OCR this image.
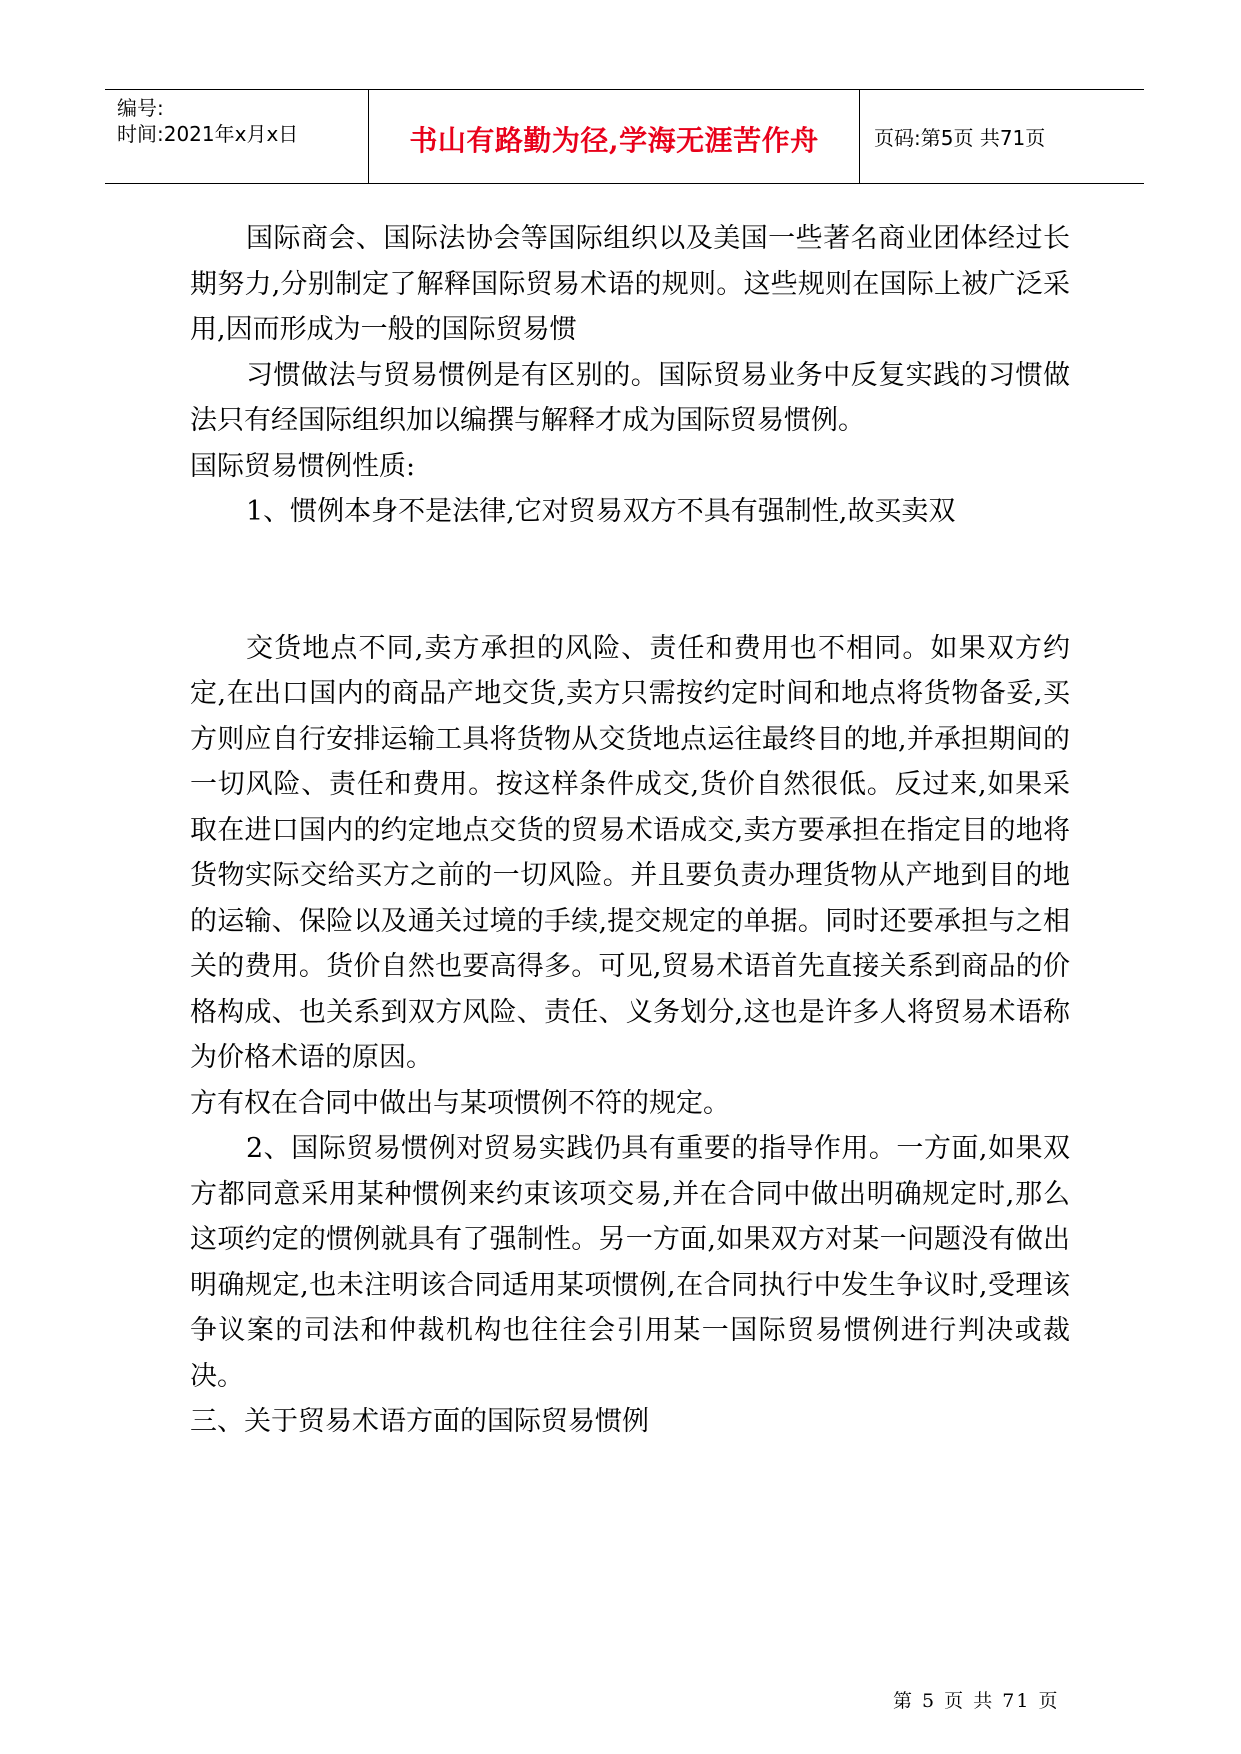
编号:
时间:2021年x月x日	书山有路勤为径,学海无涯苦作舟	页码:第5页 共71页

国际商会、国际法协会等国际组织以及美国一些著名商业团体经过长期努力,分别制定了解释国际贸易术语的规则。这些规则在国际上被广泛采用,因而形成为一般的国际贸易惯

习惯做法与贸易惯例是有区别的。国际贸易业务中反复实践的习惯做法只有经国际组织加以编撰与解释才成为国际贸易惯例。

国际贸易惯例性质:

1、惯例本身不是法律,它对贸易双方不具有强制性,故买卖双

交货地点不同,卖方承担的风险、责任和费用也不相同。如果双方约定,在出口国内的商品产地交货,卖方只需按约定时间和地点将货物备妥,买方则应自行安排运输工具将货物从交货地点运往最终目的地,并承担期间的一切风险、责任和费用。按这样条件成交,货价自然很低。反过来,如果采取在进口国内的约定地点交货的贸易术语成交,卖方要承担在指定目的地将货物实际交给买方之前的一切风险。并且要负责办理货物从产地到目的地的运输、保险以及通关过境的手续,提交规定的单据。同时还要承担与之相关的费用。货价自然也要高得多。可见,贸易术语首先直接关系到商品的价格构成、也关系到双方风险、责任、义务划分,这也是许多人将贸易术语称为价格术语的原因。

方有权在合同中做出与某项惯例不符的规定。

2、国际贸易惯例对贸易实践仍具有重要的指导作用。一方面,如果双方都同意采用某种惯例来约束该项交易,并在合同中做出明确规定时,那么这项约定的惯例就具有了强制性。另一方面,如果双方对某一问题没有做出明确规定,也未注明该合同适用某项惯例,在合同执行中发生争议时,受理该争议案的司法和仲裁机构也往往会引用某一国际贸易惯例进行判决或裁决。

三、关于贸易术语方面的国际贸易惯例

第 5 页 共 71 页
